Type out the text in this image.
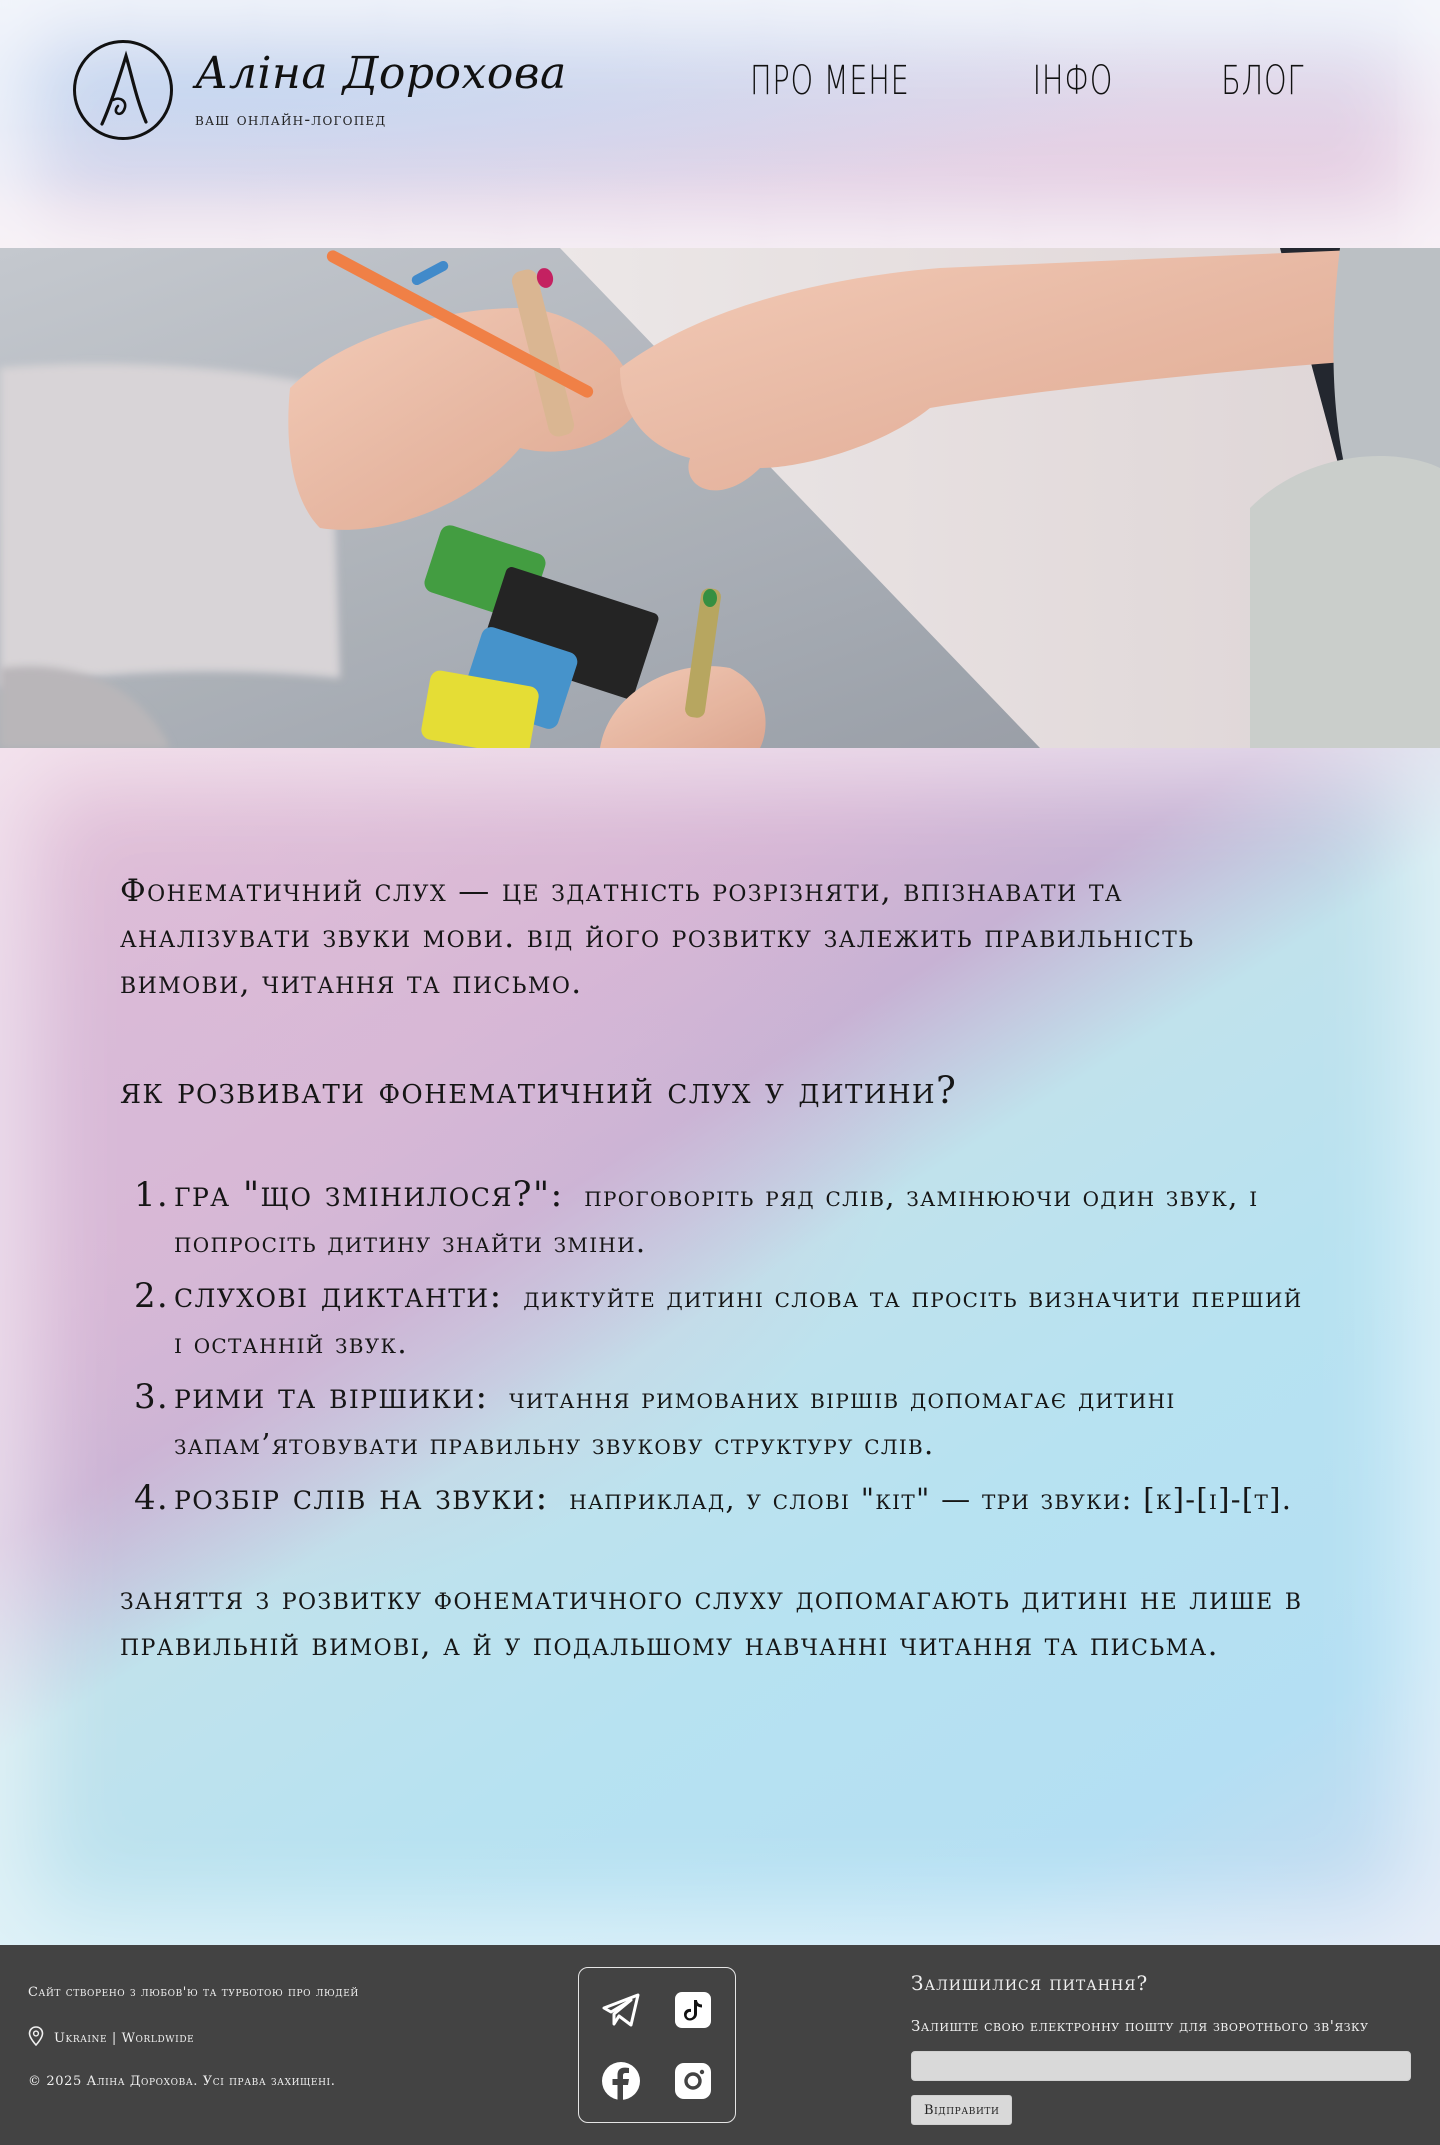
Аліна Дорохова
ваш онлайн-логопед
ПРО МЕНЕ	ІНФО	БЛОГ

Фонематичний слух — це здатність розрізняти, впізнавати та аналізувати звуки мови. від його розвитку залежить правильність вимови, читання та письмо.

як розвивати фонематичний слух у дитини?
1. гра "що змінилося?": проговоріть ряд слів, замінюючи один звук, і попросіть дитину знайти зміни.
2. слухові диктанти: диктуйте дитині слова та просіть визначити перший і останній звук.
3. рими та віршики: читання римованих віршів допомагає дитині запам’ятовувати правильну звукову структуру слів.
4. розбір слів на звуки: наприклад, у слові "кіт" — три звуки: [к]-[і]-[т].

заняття з розвитку фонематичного слуху допомагають дитині не лише в правильній вимові, а й у подальшому навчанні читання та письма.

Сайт створено з любов'ю та турботою про людей
Ukraine | Worldwide
© 2025 Аліна Дорохова. Усі права захищені.
Залишилися питання?
Залиште свою електронну пошту для зворотнього зв'язку
Відправити
